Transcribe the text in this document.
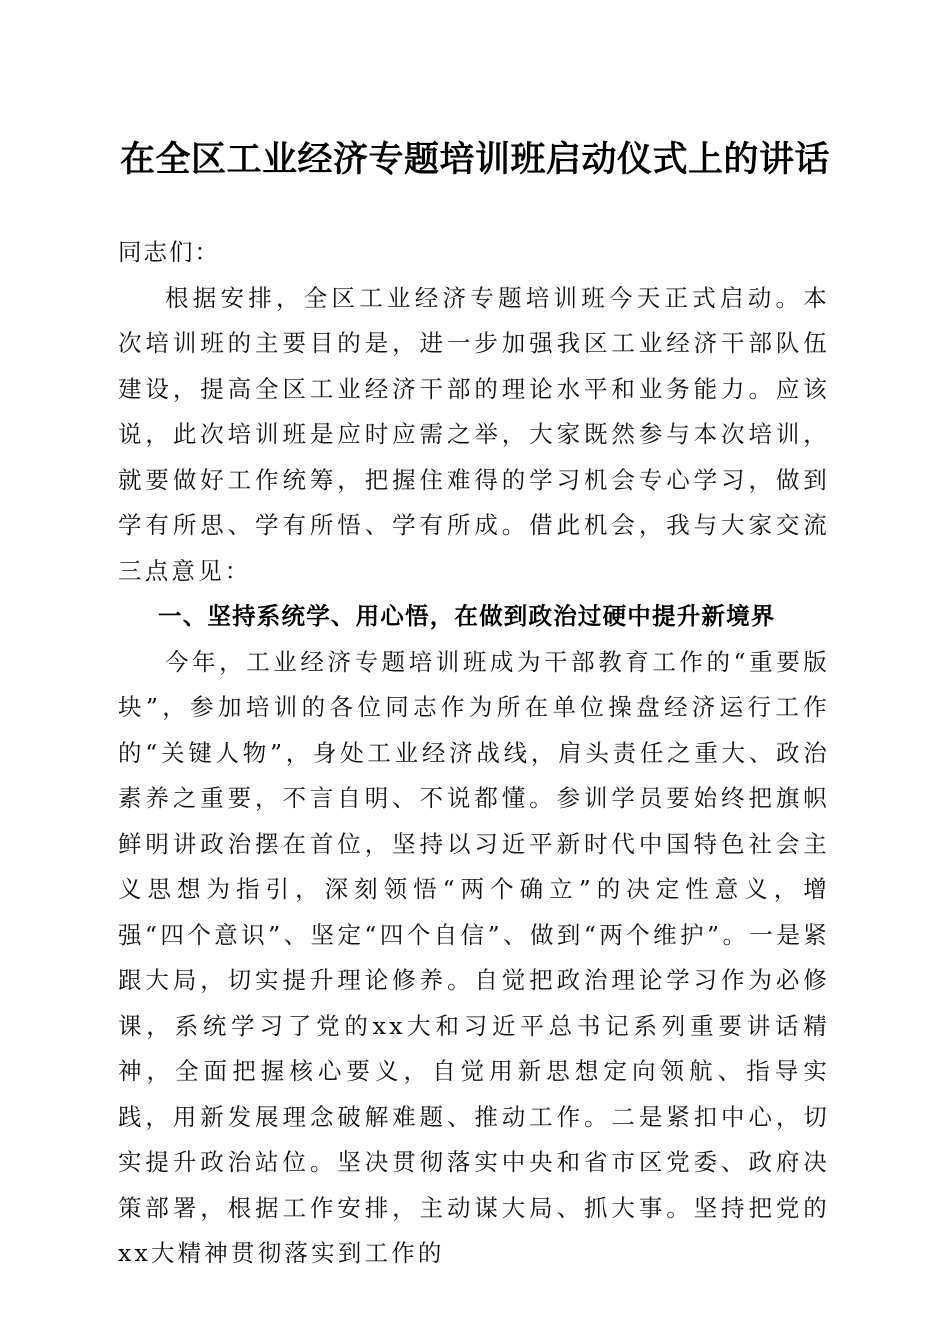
在全区工业经济专题培训班启动仪式上的讲话

同志们：

根据安排，全区工业经济专题培训班今天正式启动。本次培训班的主要目的是，进一步加强我区工业经济干部队伍建设，提高全区工业经济干部的理论水平和业务能力。应该说，此次培训班是应时应需之举，大家既然参与本次培训，就要做好工作统筹，把握住难得的学习机会专心学习，做到学有所思、学有所悟、学有所成。借此机会，我与大家交流三点意见：

一、坚持系统学、用心悟，在做到政治过硬中提升新境界

今年，工业经济专题培训班成为干部教育工作的“重要版块”，参加培训的各位同志作为所在单位操盘经济运行工作的“关键人物”，身处工业经济战线，肩头责任之重大、政治素养之重要，不言自明、不说都懂。参训学员要始终把旗帜鲜明讲政治摆在首位，坚持以习近平新时代中国特色社会主义思想为指引，深刻领悟“两个确立”的决定性意义，增强“四个意识”、坚定“四个自信”、做到“两个维护”。一是紧跟大局，切实提升理论修养。自觉把政治理论学习作为必修课，系统学习了党的xx大和习近平总书记系列重要讲话精神，全面把握核心要义，自觉用新思想定向领航、指导实践，用新发展理念破解难题、推动工作。二是紧扣中心，切实提升政治站位。坚决贯彻落实中央和省市区党委、政府决策部署，根据工作安排，主动谋大局、抓大事。坚持把党的xx大精神贯彻落实到工作的
